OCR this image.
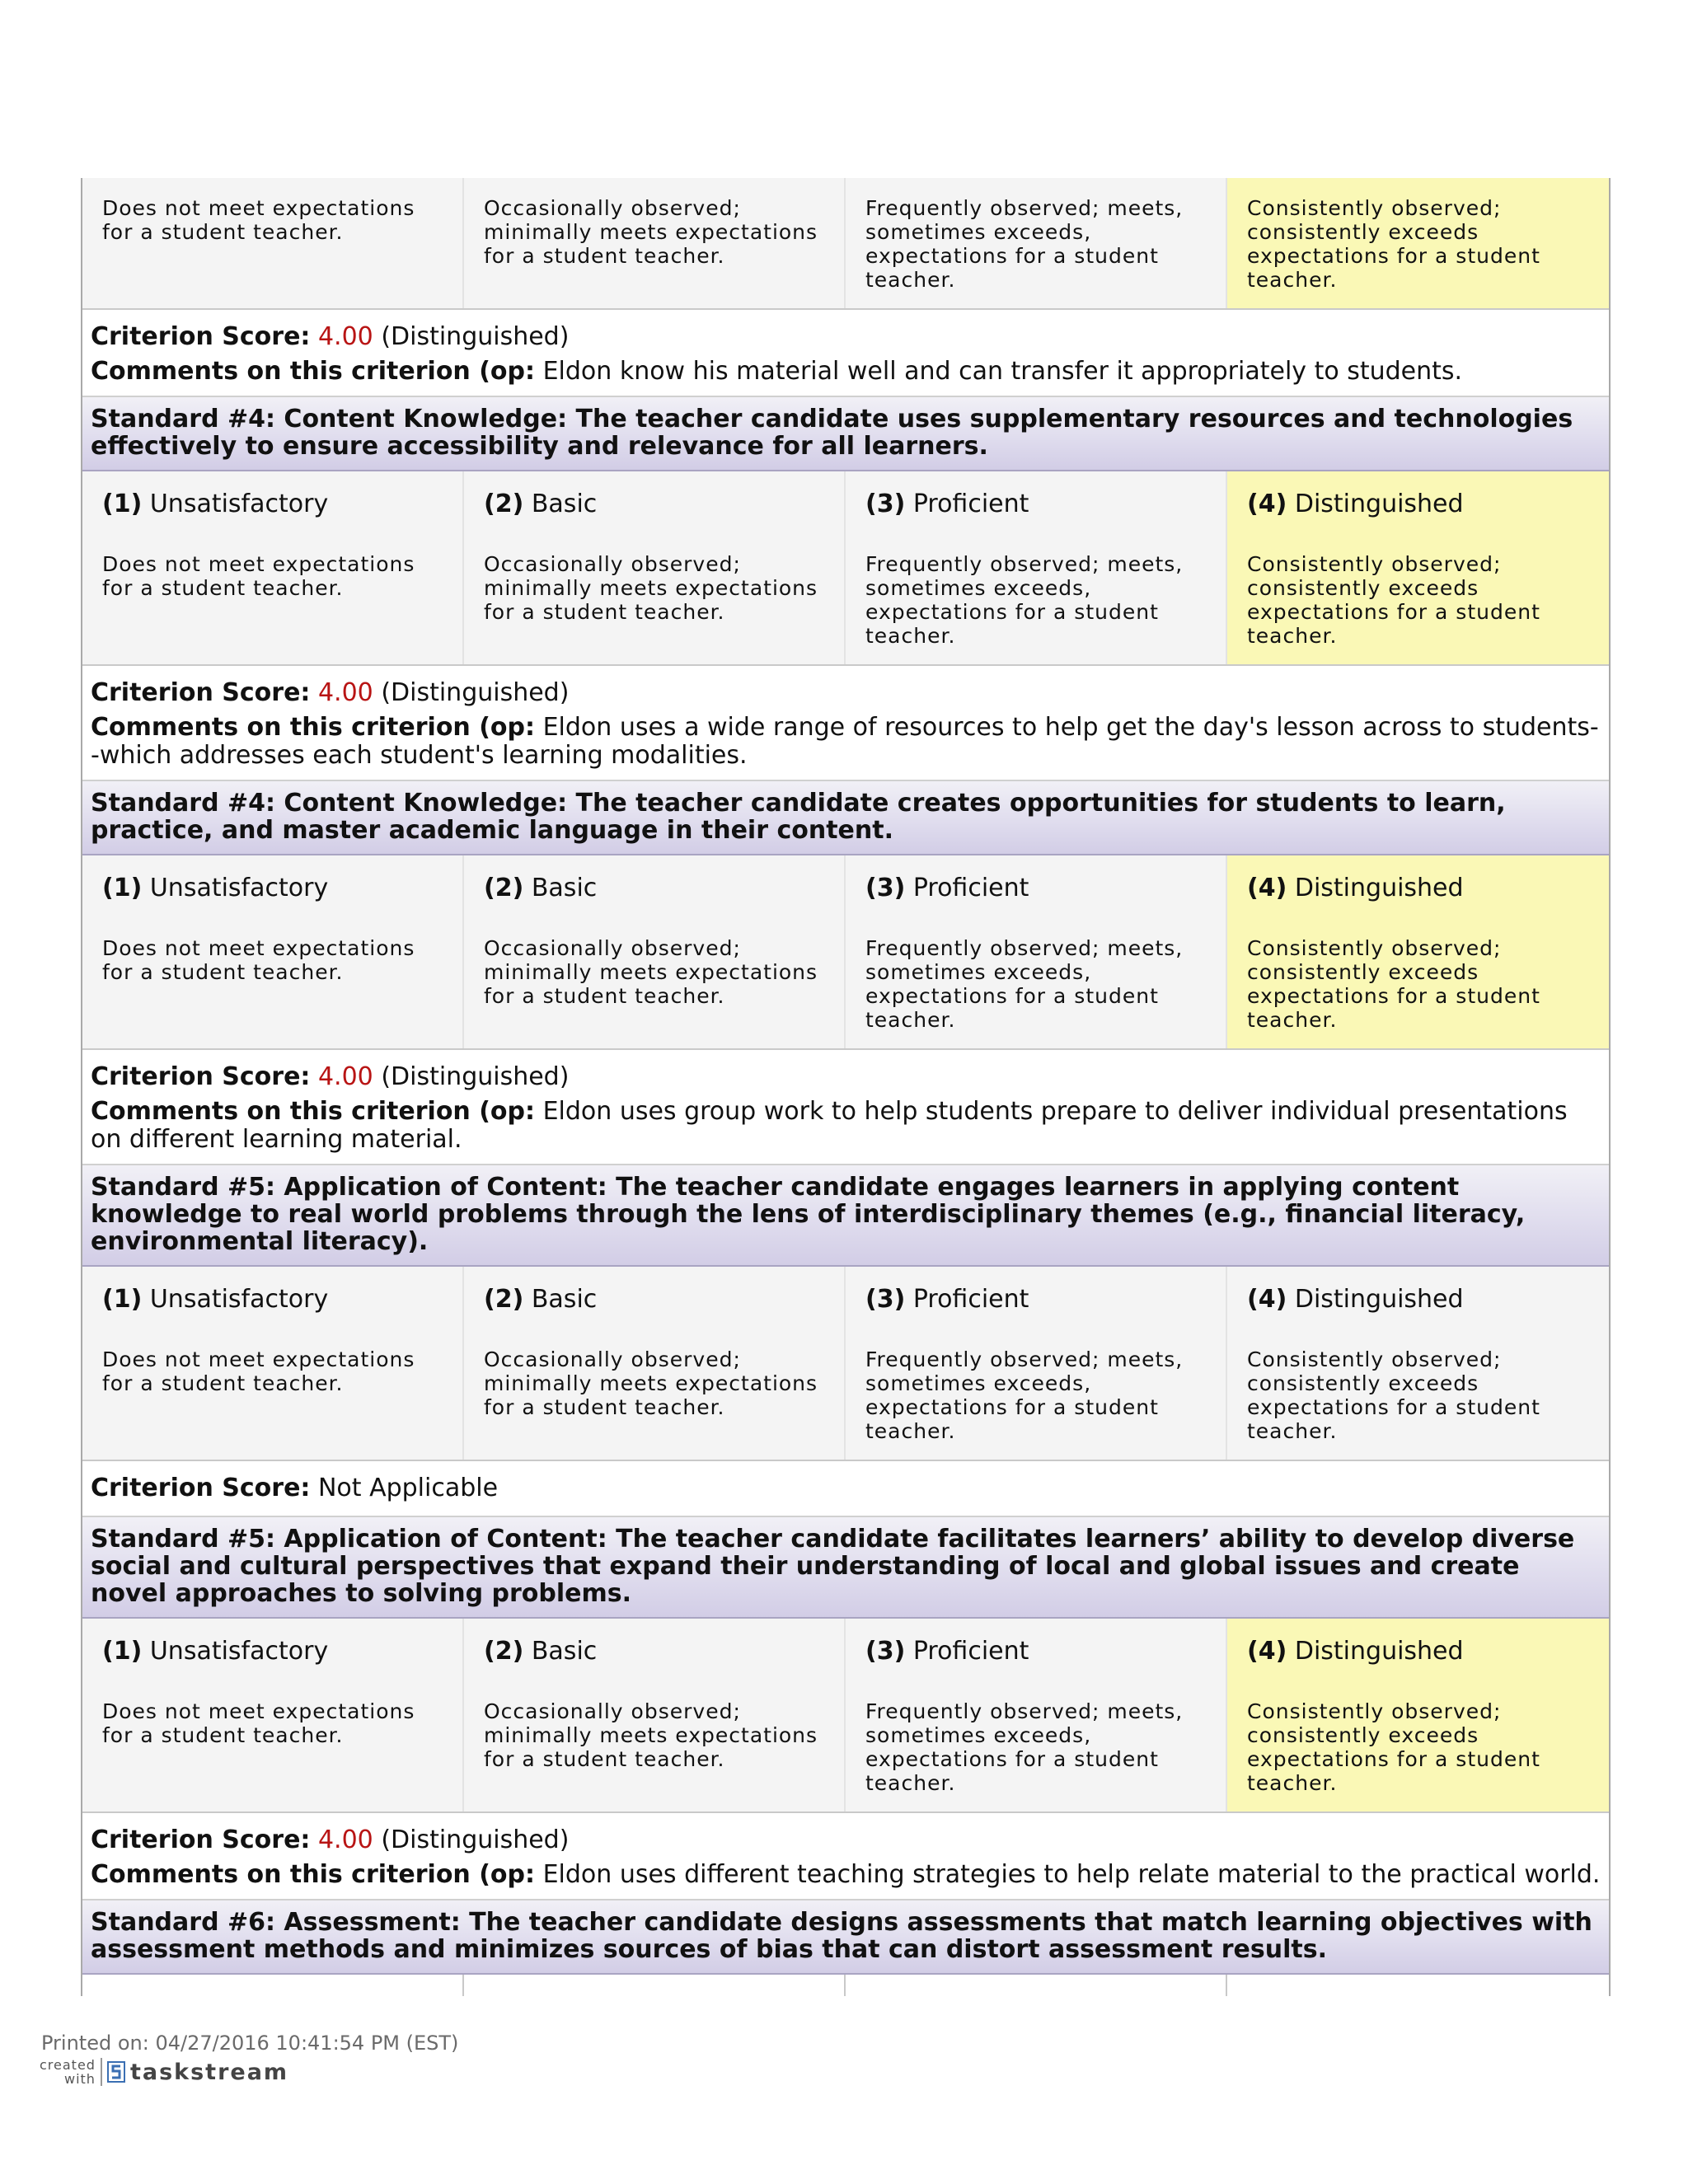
Does not meet expectations for a student teacher.
Occasionally observed; minimally meets expectations for a student teacher.
Frequently observed; meets, sometimes exceeds, expectations for a student teacher.
Consistently observed; consistently exceeds expectations for a student teacher.
Criterion Score: 4.00 (Distinguished)
Comments on this criterion (op: Eldon know his material well and can transfer it appropriately to students.
Standard #4: Content Knowledge: The teacher candidate uses supplementary resources and technologies effectively to ensure accessibility and relevance for all learners.
(1) Unsatisfactory
Does not meet expectations for a student teacher.
(2) Basic
Occasionally observed; minimally meets expectations for a student teacher.
(3) Proficient
Frequently observed; meets, sometimes exceeds, expectations for a student teacher.
(4) Distinguished
Consistently observed; consistently exceeds expectations for a student teacher.
Criterion Score: 4.00 (Distinguished)
Comments on this criterion (op: Eldon uses a wide range of resources to help get the day's lesson across to students--which addresses each student's learning modalities.
Standard #4: Content Knowledge: The teacher candidate creates opportunities for students to learn, practice, and master academic language in their content.
(1) Unsatisfactory
Does not meet expectations for a student teacher.
(2) Basic
Occasionally observed; minimally meets expectations for a student teacher.
(3) Proficient
Frequently observed; meets, sometimes exceeds, expectations for a student teacher.
(4) Distinguished
Consistently observed; consistently exceeds expectations for a student teacher.
Criterion Score: 4.00 (Distinguished)
Comments on this criterion (op: Eldon uses group work to help students prepare to deliver individual presentations on different learning material.
Standard #5: Application of Content: The teacher candidate engages learners in applying content knowledge to real world problems through the lens of interdisciplinary themes (e.g., financial literacy, environmental literacy).
(1) Unsatisfactory
Does not meet expectations for a student teacher.
(2) Basic
Occasionally observed; minimally meets expectations for a student teacher.
(3) Proficient
Frequently observed; meets, sometimes exceeds, expectations for a student teacher.
(4) Distinguished
Consistently observed; consistently exceeds expectations for a student teacher.
Criterion Score: Not Applicable
Standard #5: Application of Content: The teacher candidate facilitates learners’ ability to develop diverse social and cultural perspectives that expand their understanding of local and global issues and create novel approaches to solving problems.
(1) Unsatisfactory
Does not meet expectations for a student teacher.
(2) Basic
Occasionally observed; minimally meets expectations for a student teacher.
(3) Proficient
Frequently observed; meets, sometimes exceeds, expectations for a student teacher.
(4) Distinguished
Consistently observed; consistently exceeds expectations for a student teacher.
Criterion Score: 4.00 (Distinguished)
Comments on this criterion (op: Eldon uses different teaching strategies to help relate material to the practical world.
Standard #6: Assessment: The teacher candidate designs assessments that match learning objectives with assessment methods and minimizes sources of bias that can distort assessment results.
Printed on: 04/27/2016 10:41:54 PM (EST)
created
with taskstream
